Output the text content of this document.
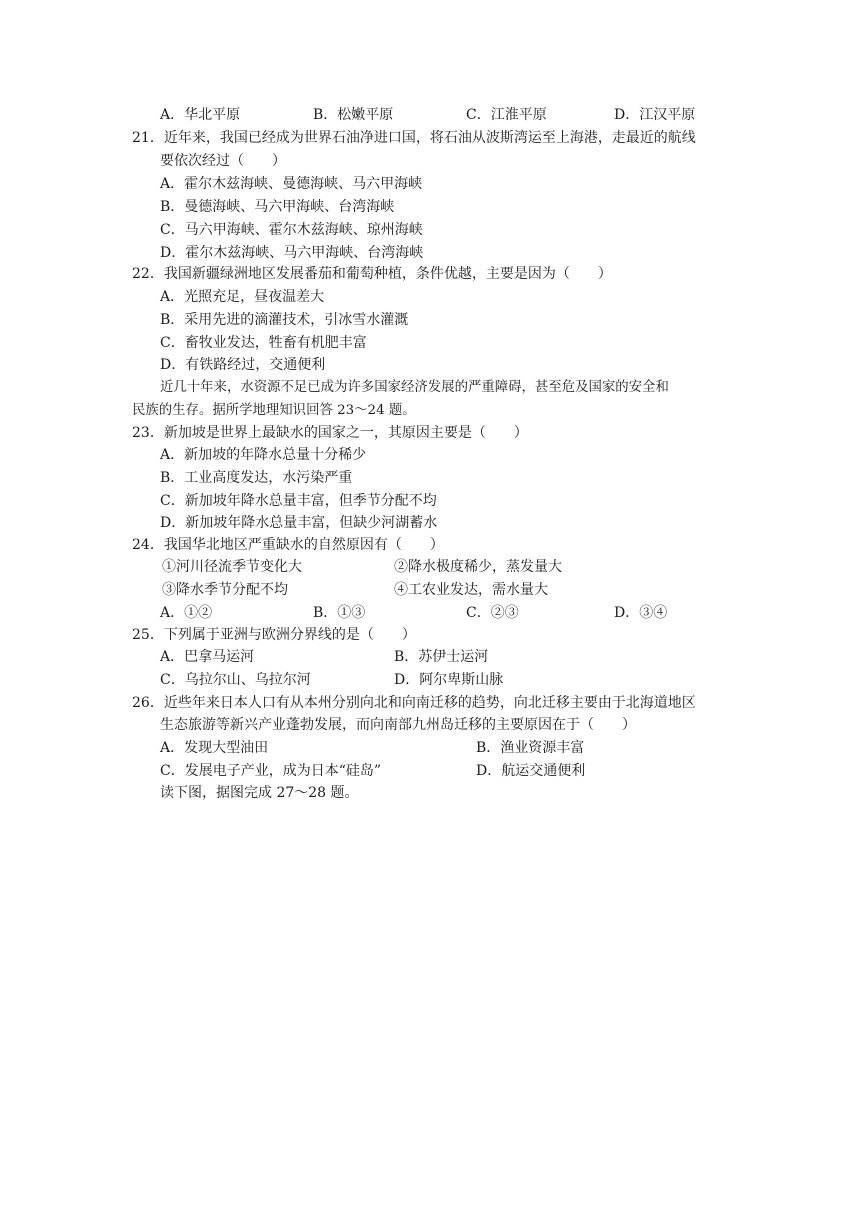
A．华北平原	B．松嫩平原	C．江淮平原	D．江汉平原
21．近年来，我国已经成为世界石油净进口国，将石油从波斯湾运至上海港，走最近的航线
要依次经过（　　）
A．霍尔木兹海峡、曼德海峡、马六甲海峡
B．曼德海峡、马六甲海峡、台湾海峡
C．马六甲海峡、霍尔木兹海峡、琼州海峡
D．霍尔木兹海峡、马六甲海峡、台湾海峡
22．我国新疆绿洲地区发展番茄和葡萄种植，条件优越，主要是因为（　　）
A．光照充足，昼夜温差大
B．采用先进的滴灌技术，引冰雪水灌溉
C．畜牧业发达，牲畜有机肥丰富
D．有铁路经过，交通便利
近几十年来，水资源不足已成为许多国家经济发展的严重障碍，甚至危及国家的安全和
民族的生存。据所学地理知识回答 23～24 题。
23．新加坡是世界上最缺水的国家之一，其原因主要是（　　）
A．新加坡的年降水总量十分稀少
B．工业高度发达，水污染严重
C．新加坡年降水总量丰富，但季节分配不均
D．新加坡年降水总量丰富，但缺少河湖蓄水
24．我国华北地区严重缺水的自然原因有（　　）
①河川径流季节变化大	②降水极度稀少，蒸发量大
③降水季节分配不均	④工农业发达，需水量大
A．①②	B．①③	C．②③	D．③④
25．下列属于亚洲与欧洲分界线的是（　　）
A．巴拿马运河	B．苏伊士运河
C．乌拉尔山、乌拉尔河	D．阿尔卑斯山脉
26．近些年来日本人口有从本州分别向北和向南迁移的趋势，向北迁移主要由于北海道地区
生态旅游等新兴产业蓬勃发展，而向南部九州岛迁移的主要原因在于（　　）
A．发现大型油田	B．渔业资源丰富
C．发展电子产业，成为日本“硅岛”	D．航运交通便利
读下图，据图完成 27～28 题。
